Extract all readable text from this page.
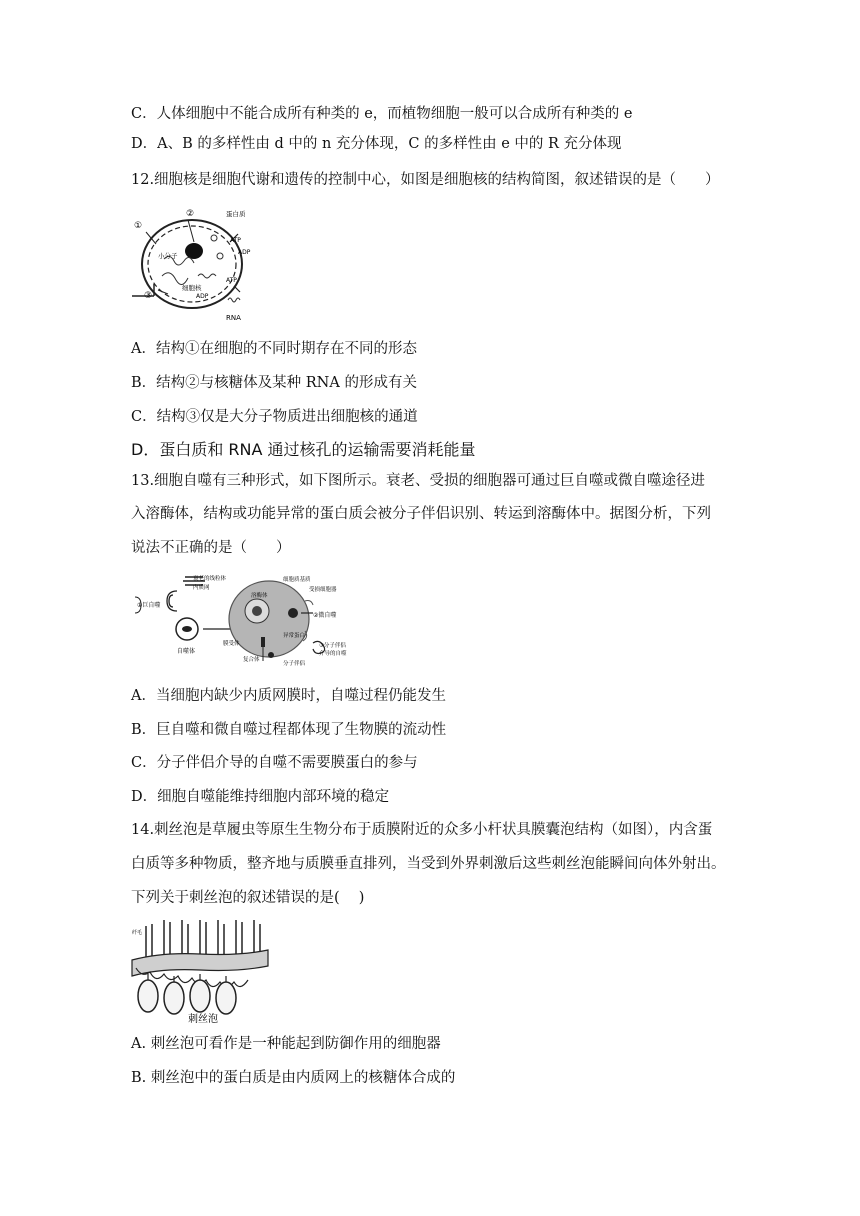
C．人体细胞中不能合成所有种类的 e，而植物细胞一般可以合成所有种类的 e
D．A、B 的多样性由 d 中的 n 充分体现，C 的多样性由 e 中的 R 充分体现
12.细胞核是细胞代谢和遗传的控制中心，如图是细胞核的结构简图，叙述错误的是（　　）
①
②
③
蛋白质
ATP
ADP
小分子
ATP
细胞核
ADP
RNA
A．结构①在细胞的不同时期存在不同的形态
B．结构②与核糖体及某种 RNA 的形成有关
C．结构③仅是大分子物质进出细胞核的通道
D．蛋白质和 RNA 通过核孔的运输需要消耗能量
13.细胞自噬有三种形式，如下图所示。衰老、受损的细胞器可通过巨自噬或微自噬途径进
入溶酶体，结构或功能异常的蛋白质会被分子伴侣识别、转运到溶酶体中。据图分析，下列
说法不正确的是（　　）
衰老的线粒体
内质网
①巨自噬
自噬体
细胞质基质
受损细胞器
溶酶体
②微自噬
膜受体
异常蛋白
复合体
分子伴侣
③分子伴侣
介导的自噬
A．当细胞内缺少内质网膜时，自噬过程仍能发生
B．巨自噬和微自噬过程都体现了生物膜的流动性
C．分子伴侣介导的自噬不需要膜蛋白的参与
D．细胞自噬能维持细胞内部环境的稳定
14.刺丝泡是草履虫等原生生物分布于质膜附近的众多小杆状具膜囊泡结构（如图），内含蛋
白质等多种物质，整齐地与质膜垂直排列，当受到外界刺激后这些刺丝泡能瞬间向体外射出。
下列关于刺丝泡的叙述错误的是(　 )
纤毛
刺丝泡
A. 刺丝泡可看作是一种能起到防御作用的细胞器
B. 刺丝泡中的蛋白质是由内质网上的核糖体合成的
